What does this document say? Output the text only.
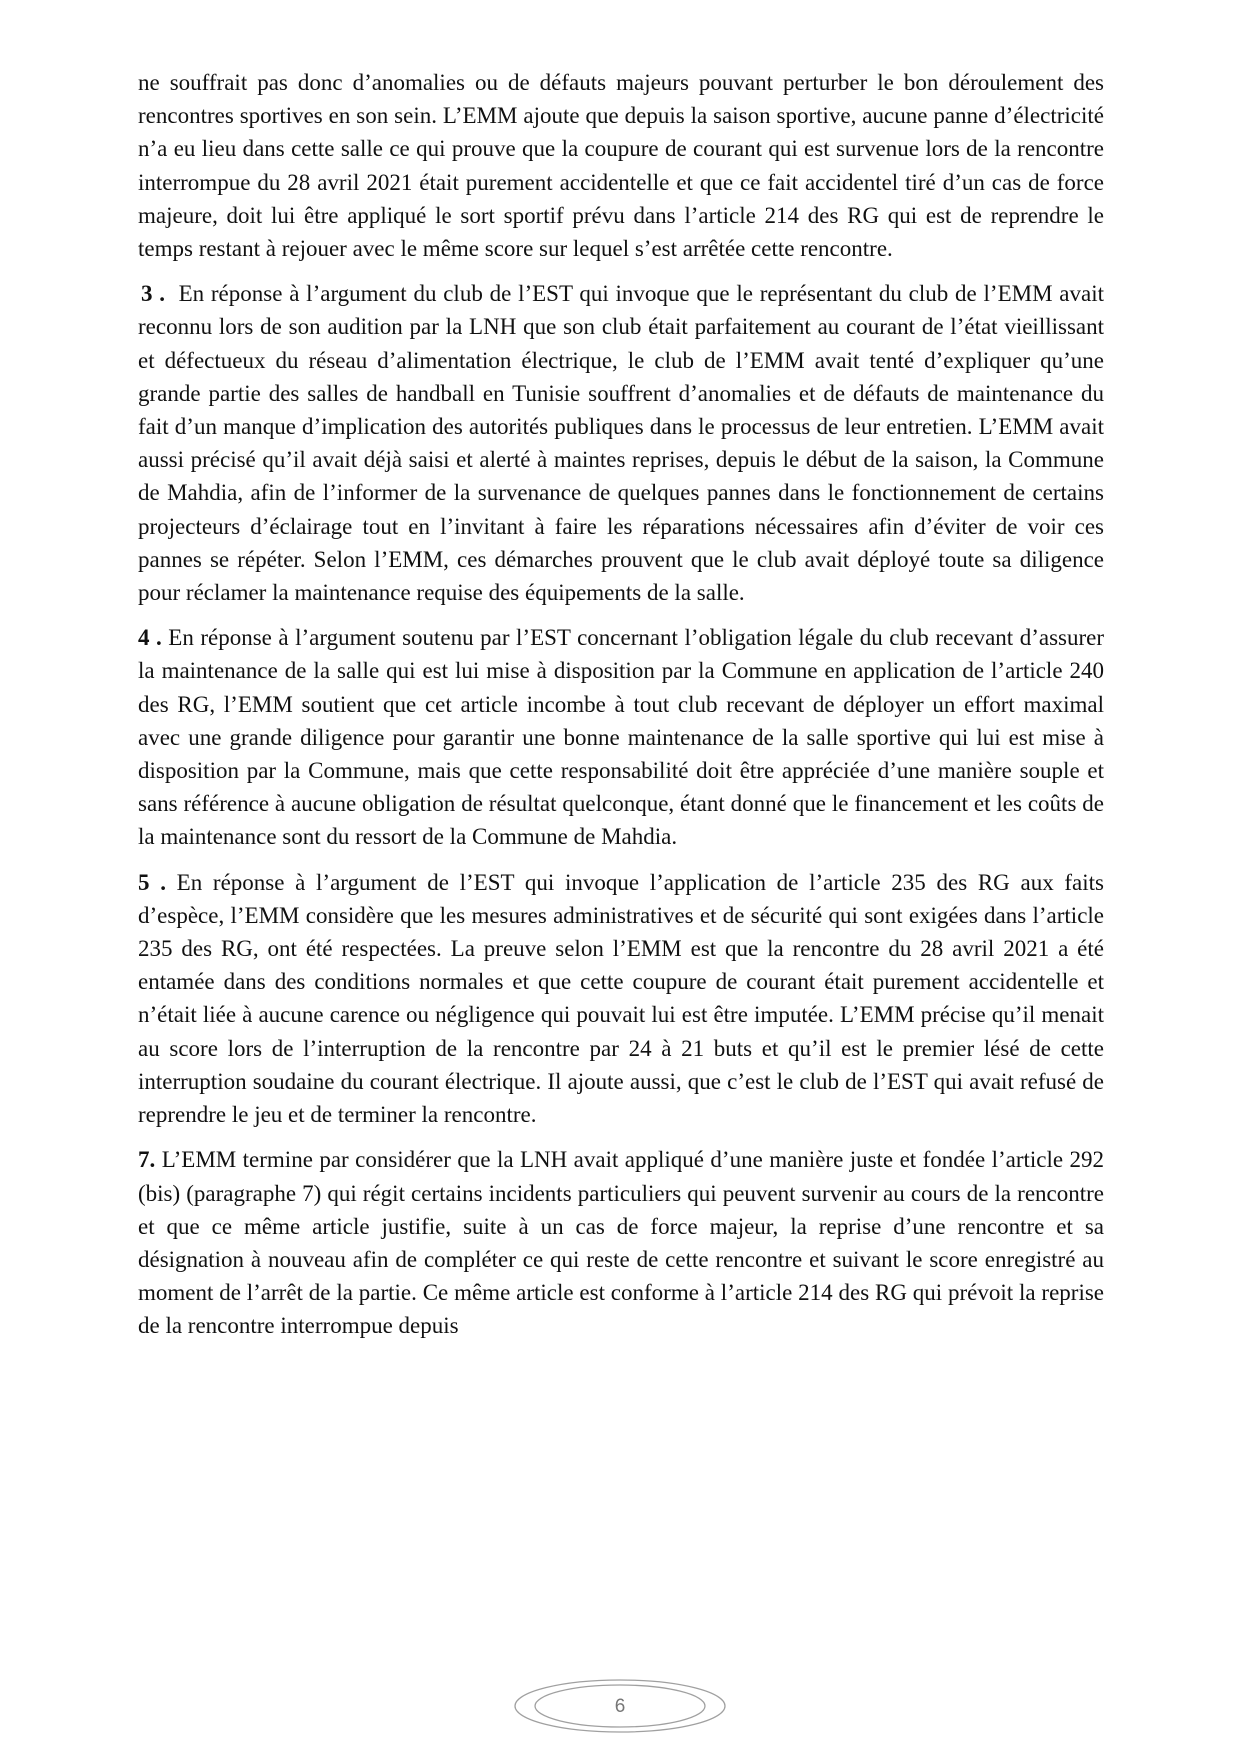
ne souffrait pas donc d’anomalies ou de défauts majeurs pouvant perturber le bon déroulement des rencontres sportives en son sein. L’EMM ajoute que depuis la saison sportive, aucune panne d’électricité n’a eu lieu dans cette salle ce qui prouve que la coupure de courant qui est survenue lors de la rencontre interrompue du 28 avril 2021 était purement accidentelle et que ce fait accidentel tiré d’un cas de force majeure, doit lui être appliqué le sort sportif prévu dans l’article 214 des RG qui est de reprendre le temps restant à rejouer avec le même score sur lequel s’est arrêtée cette rencontre.

3 . En réponse à l’argument du club de l’EST qui invoque que le représentant du club de l’EMM avait reconnu lors de son audition par la LNH que son club était parfaitement au courant de l’état vieillissant et défectueux du réseau d’alimentation électrique, le club de l’EMM avait tenté d’expliquer qu’une grande partie des salles de handball en Tunisie souffrent d’anomalies et de défauts de maintenance du fait d’un manque d’implication des autorités publiques dans le processus de leur entretien. L’EMM avait aussi précisé qu’il avait déjà saisi et alerté à maintes reprises, depuis le début de la saison, la Commune de Mahdia, afin de l’informer de la survenance de quelques pannes dans le fonctionnement de certains projecteurs d’éclairage tout en l’invitant à faire les réparations nécessaires afin d’éviter de voir ces pannes se répéter. Selon l’EMM, ces démarches prouvent que le club avait déployé toute sa diligence pour réclamer la maintenance requise des équipements de la salle.

4 . En réponse à l’argument soutenu par l’EST concernant l’obligation légale du club recevant d’assurer la maintenance de la salle qui est lui mise à disposition par la Commune en application de l’article 240 des RG, l’EMM soutient que cet article incombe à tout club recevant de déployer un effort maximal avec une grande diligence pour garantir une bonne maintenance de la salle sportive qui lui est mise à disposition par la Commune, mais que cette responsabilité doit être appréciée d’une manière souple et sans référence à aucune obligation de résultat quelconque, étant donné que le financement et les coûts de la maintenance sont du ressort de la Commune de Mahdia.

5 . En réponse à l’argument de l’EST qui invoque l’application de l’article 235 des RG aux faits d’espèce, l’EMM considère que les mesures administratives et de sécurité qui sont exigées dans l’article 235 des RG, ont été respectées. La preuve selon l’EMM est que la rencontre du 28 avril 2021 a été entamée dans des conditions normales et que cette coupure de courant était purement accidentelle et n’était liée à aucune carence ou négligence qui pouvait lui est être imputée. L’EMM précise qu’il menait au score lors de l’interruption de la rencontre par 24 à 21 buts et qu’il est le premier lésé de cette interruption soudaine du courant électrique. Il ajoute aussi, que c’est le club de l’EST qui avait refusé de reprendre le jeu et de terminer la rencontre.

7. L’EMM termine par considérer que la LNH avait appliqué d’une manière juste et fondée l’article 292 (bis) (paragraphe 7) qui régit certains incidents particuliers qui peuvent survenir au cours de la rencontre et que ce même article justifie, suite à un cas de force majeur, la reprise d’une rencontre et sa désignation à nouveau afin de compléter ce qui reste de cette rencontre et suivant le score enregistré au moment de l’arrêt de la partie. Ce même article est conforme à l’article 214 des RG qui prévoit la reprise de la rencontre interrompue depuis

6
